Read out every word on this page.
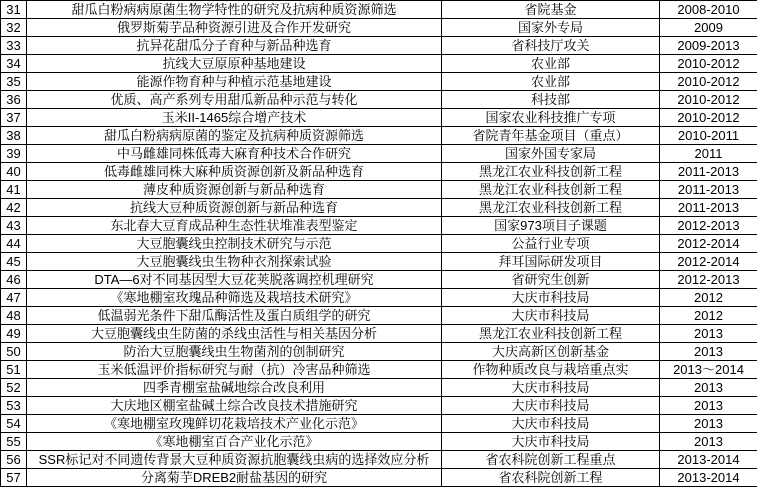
31	甜瓜白粉病病原菌生物学特性的研究及抗病种质资源筛选	省院基金	2008-2010
32	俄罗斯菊芋品种资源引进及合作开发研究	国家外专局	2009
33	抗异花甜瓜分子育种与新品种选育	省科技厅攻关	2009-2013
34	抗线大豆原原种基地建设	农业部	2010-2012
35	能源作物育种与种植示范基地建设	农业部	2010-2012
36	优质、高产系列专用甜瓜新品种示范与转化	科技部	2010-2012
37	玉米II-1465综合增产技术	国家农业科技推广专项	2010-2012
38	甜瓜白粉病病原菌的鉴定及抗病种质资源筛选	省院青年基金项目（重点）	2010-2011
39	中马雌雄同株低毒大麻育种技术合作研究	国家外国专家局	2011
40	低毒雌雄同株大麻种质资源创新及新品种选育	黑龙江农业科技创新工程	2011-2013
41	薄皮种质资源创新与新品种选育	黑龙江农业科技创新工程	2011-2013
42	抗线大豆种质资源创新与新品种选育	黑龙江农业科技创新工程	2011-2013
43	东北春大豆育成品种生态性状堆准表型鉴定	国家973项目子课题	2012-2013
44	大豆胞囊线虫控制技术研究与示范	公益行业专项	2012-2014
45	大豆胞囊线虫生物种衣剂探索试验	拜耳国际研发项目	2012-2014
46	DTA—6对不同基因型大豆花荚脱落调控机理研究	省研究生创新	2012-2013
47	《寒地棚室玫瑰品种筛选及栽培技术研究》	大庆市科技局	2012
48	低温弱光条件下甜瓜酶活性及蛋白质组学的研究	大庆市科技局	2012
49	大豆胞囊线虫生防菌的杀线虫活性与相关基因分析	黑龙江农业科技创新工程	2013
50	防治大豆胞囊线虫生物菌剂的创制研究	大庆高新区创新基金	2013
51	玉米低温评价指标研究与耐（抗）冷害品种筛选	作物种质改良与栽培重点实	2013～2014
52	四季青棚室盐碱地综合改良利用	大庆市科技局	2013
53	大庆地区棚室盐碱土综合改良技术措施研究	大庆市科技局	2013
54	《寒地棚室玫瑰鲜切花栽培技术产业化示范》	大庆市科技局	2013
55	《寒地棚室百合产业化示范》	大庆市科技局	2013
56	SSR标记对不同遗传背景大豆种质资源抗胞囊线虫病的选择效应分析	省农科院创新工程重点	2013-2014
57	分离菊芋DREB2耐盐基因的研究	省农科院创新工程	2013-2014
